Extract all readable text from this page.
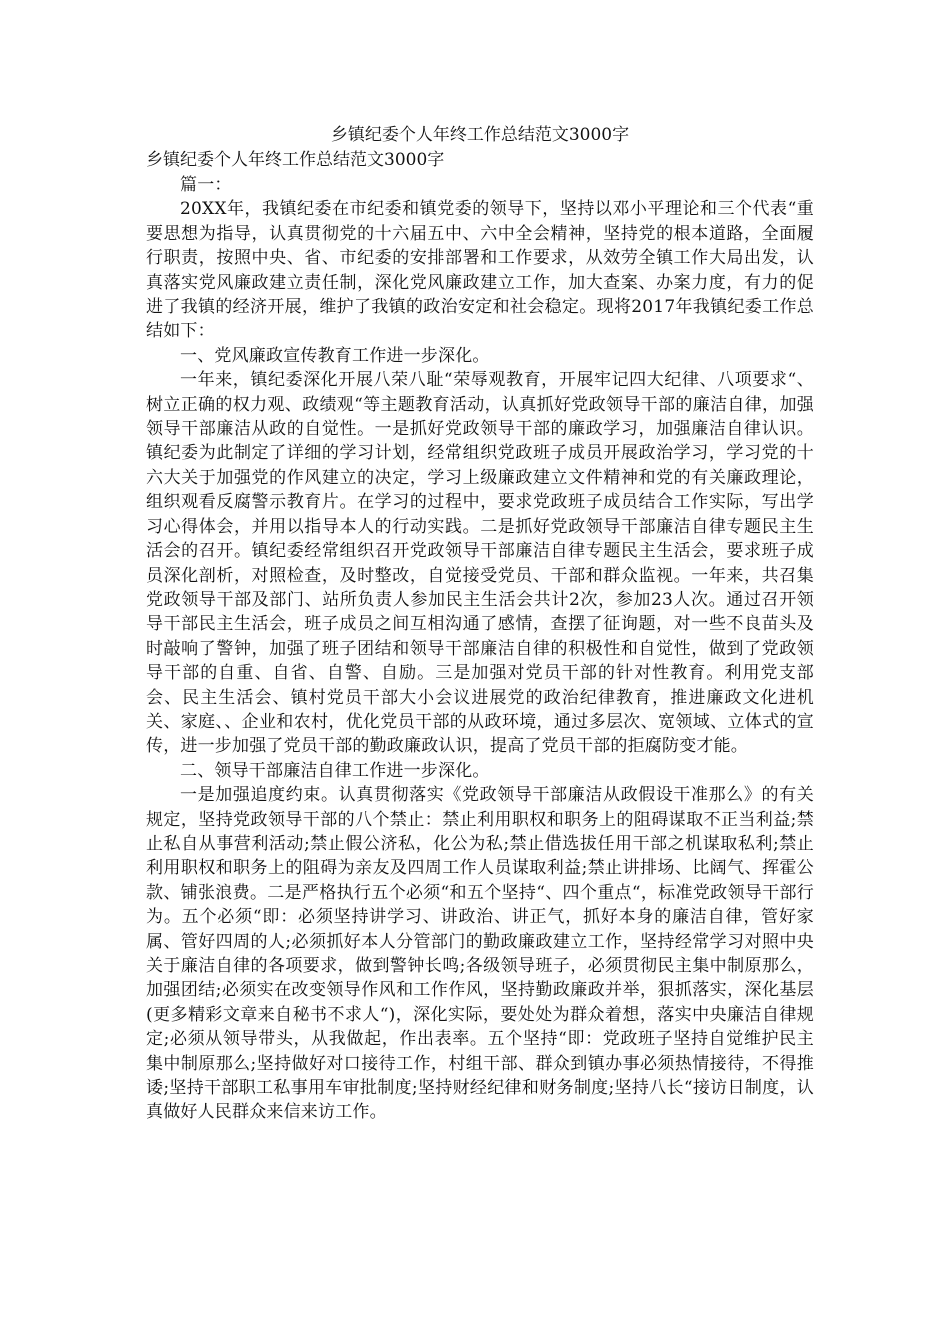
乡镇纪委个人年终工作总结范文3000字

乡镇纪委个人年终工作总结范文3000字

篇一：

20XX年，我镇纪委在市纪委和镇党委的领导下，坚持以邓小平理论和三个代表“重要思想为指导，认真贯彻党的十六届五中、六中全会精神，坚持党的根本道路，全面履行职责，按照中央、省、市纪委的安排部署和工作要求，从效劳全镇工作大局出发，认真落实党风廉政建立责任制，深化党风廉政建立工作，加大查案、办案力度，有力的促进了我镇的经济开展，维护了我镇的政治安定和社会稳定。现将2017年我镇纪委工作总结如下：

一、党风廉政宣传教育工作进一步深化。

一年来，镇纪委深化开展八荣八耻“荣辱观教育，开展牢记四大纪律、八项要求“、树立正确的权力观、政绩观“等主题教育活动，认真抓好党政领导干部的廉洁自律，加强领导干部廉洁从政的自觉性。一是抓好党政领导干部的廉政学习，加强廉洁自律认识。镇纪委为此制定了详细的学习计划，经常组织党政班子成员开展政治学习，学习党的十六大关于加强党的作风建立的决定，学习上级廉政建立文件精神和党的有关廉政理论，组织观看反腐警示教育片。在学习的过程中，要求党政班子成员结合工作实际，写出学习心得体会，并用以指导本人的行动实践。二是抓好党政领导干部廉洁自律专题民主生活会的召开。镇纪委经常组织召开党政领导干部廉洁自律专题民主生活会，要求班子成员深化剖析，对照检查，及时整改，自觉接受党员、干部和群众监视。一年来，共召集党政领导干部及部门、站所负责人参加民主生活会共计2次，参加23人次。通过召开领导干部民主生活会，班子成员之间互相沟通了感情，查摆了征询题，对一些不良苗头及时敲响了警钟，加强了班子团结和领导干部廉洁自律的积极性和自觉性，做到了党政领导干部的自重、自省、自警、自励。三是加强对党员干部的针对性教育。利用党支部会、民主生活会、镇村党员干部大小会议进展党的政治纪律教育，推进廉政文化进机关、家庭、、企业和农村，优化党员干部的从政环境，通过多层次、宽领域、立体式的宣传，进一步加强了党员干部的勤政廉政认识，提高了党员干部的拒腐防变才能。

二、领导干部廉洁自律工作进一步深化。

一是加强追度约束。认真贯彻落实《党政领导干部廉洁从政假设干准那么》的有关规定，坚持党政领导干部的八个禁止：禁止利用职权和职务上的阻碍谋取不正当利益;禁止私自从事营利活动;禁止假公济私，化公为私;禁止借选拔任用干部之机谋取私利;禁止利用职权和职务上的阻碍为亲友及四周工作人员谋取利益;禁止讲排场、比阔气、挥霍公款、铺张浪费。二是严格执行五个必须“和五个坚持“、四个重点“，标准党政领导干部行为。五个必须“即：必须坚持讲学习、讲政治、讲正气，抓好本身的廉洁自律，管好家属、管好四周的人;必须抓好本人分管部门的勤政廉政建立工作，坚持经常学习对照中央关于廉洁自律的各项要求，做到警钟长鸣;各级领导班子，必须贯彻民主集中制原那么，加强团结;必须实在改变领导作风和工作作风，坚持勤政廉政并举，狠抓落实，深化基层(更多精彩文章来自秘书不求人“)，深化实际，要处处为群众着想，落实中央廉洁自律规定;必须从领导带头，从我做起，作出表率。五个坚持“即：党政班子坚持自觉维护民主集中制原那么;坚持做好对口接待工作，村组干部、群众到镇办事必须热情接待，不得推诿;坚持干部职工私事用车审批制度;坚持财经纪律和财务制度;坚持八长“接访日制度，认真做好人民群众来信来访工作。
